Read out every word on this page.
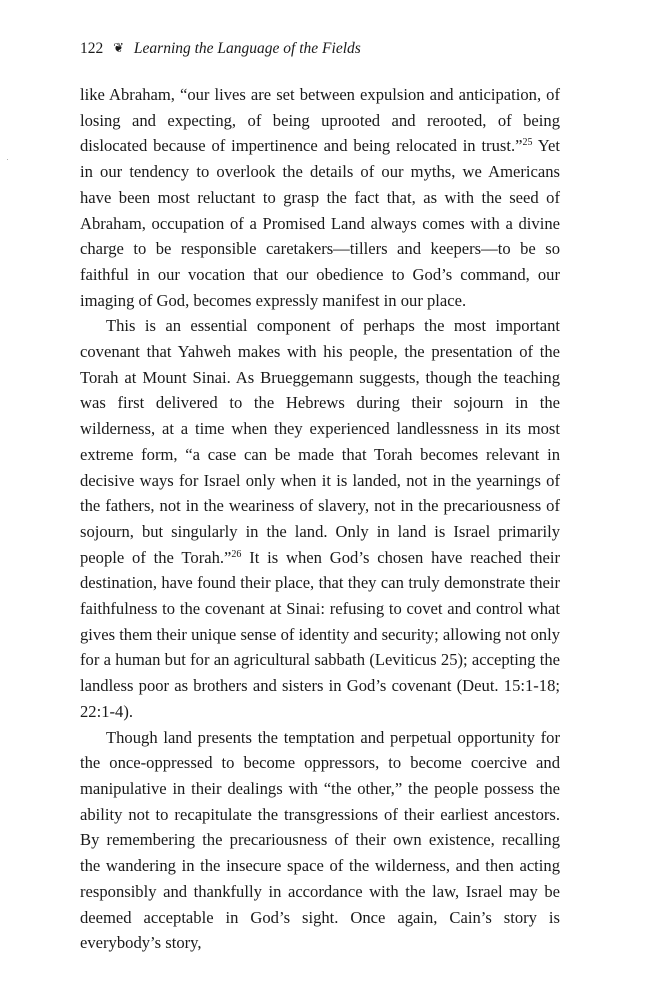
122 ❦ Learning the Language of the Fields

like Abraham, “our lives are set between expulsion and anticipation, of losing and expecting, of being uprooted and rerooted, of being dislocated because of impertinence and being relocated in trust.”$^{25}$ Yet in our tendency to overlook the details of our myths, we Americans have been most reluctant to grasp the fact that, as with the seed of Abraham, occupation of a Promised Land always comes with a divine charge to be responsible caretakers—tillers and keepers—to be so faithful in our vocation that our obedience to God’s command, our imaging of God, becomes expressly manifest in our place.

This is an essential component of perhaps the most important covenant that Yahweh makes with his people, the presentation of the Torah at Mount Sinai. As Brueggemann suggests, though the teaching was first delivered to the Hebrews during their sojourn in the wilderness, at a time when they experienced landlessness in its most extreme form, “a case can be made that Torah becomes relevant in decisive ways for Israel only when it is landed, not in the yearnings of the fathers, not in the weariness of slavery, not in the precariousness of sojourn, but singularly in the land. Only in land is Israel primarily people of the Torah.”$^{26}$ It is when God’s chosen have reached their destination, have found their place, that they can truly demonstrate their faithfulness to the covenant at Sinai: refusing to covet and control what gives them their unique sense of identity and security; allowing not only for a human but for an agricultural sabbath (Leviticus 25); accepting the landless poor as brothers and sisters in God’s covenant (Deut. 15:1-18; 22:1-4).

Though land presents the temptation and perpetual opportunity for the once-oppressed to become oppressors, to become coercive and manipulative in their dealings with “the other,” the people possess the ability not to recapitulate the transgressions of their earliest ancestors. By remembering the precariousness of their own existence, recalling the wandering in the insecure space of the wilderness, and then acting responsibly and thankfully in accordance with the law, Israel may be deemed acceptable in God’s sight. Once again, Cain’s story is everybody’s story,
